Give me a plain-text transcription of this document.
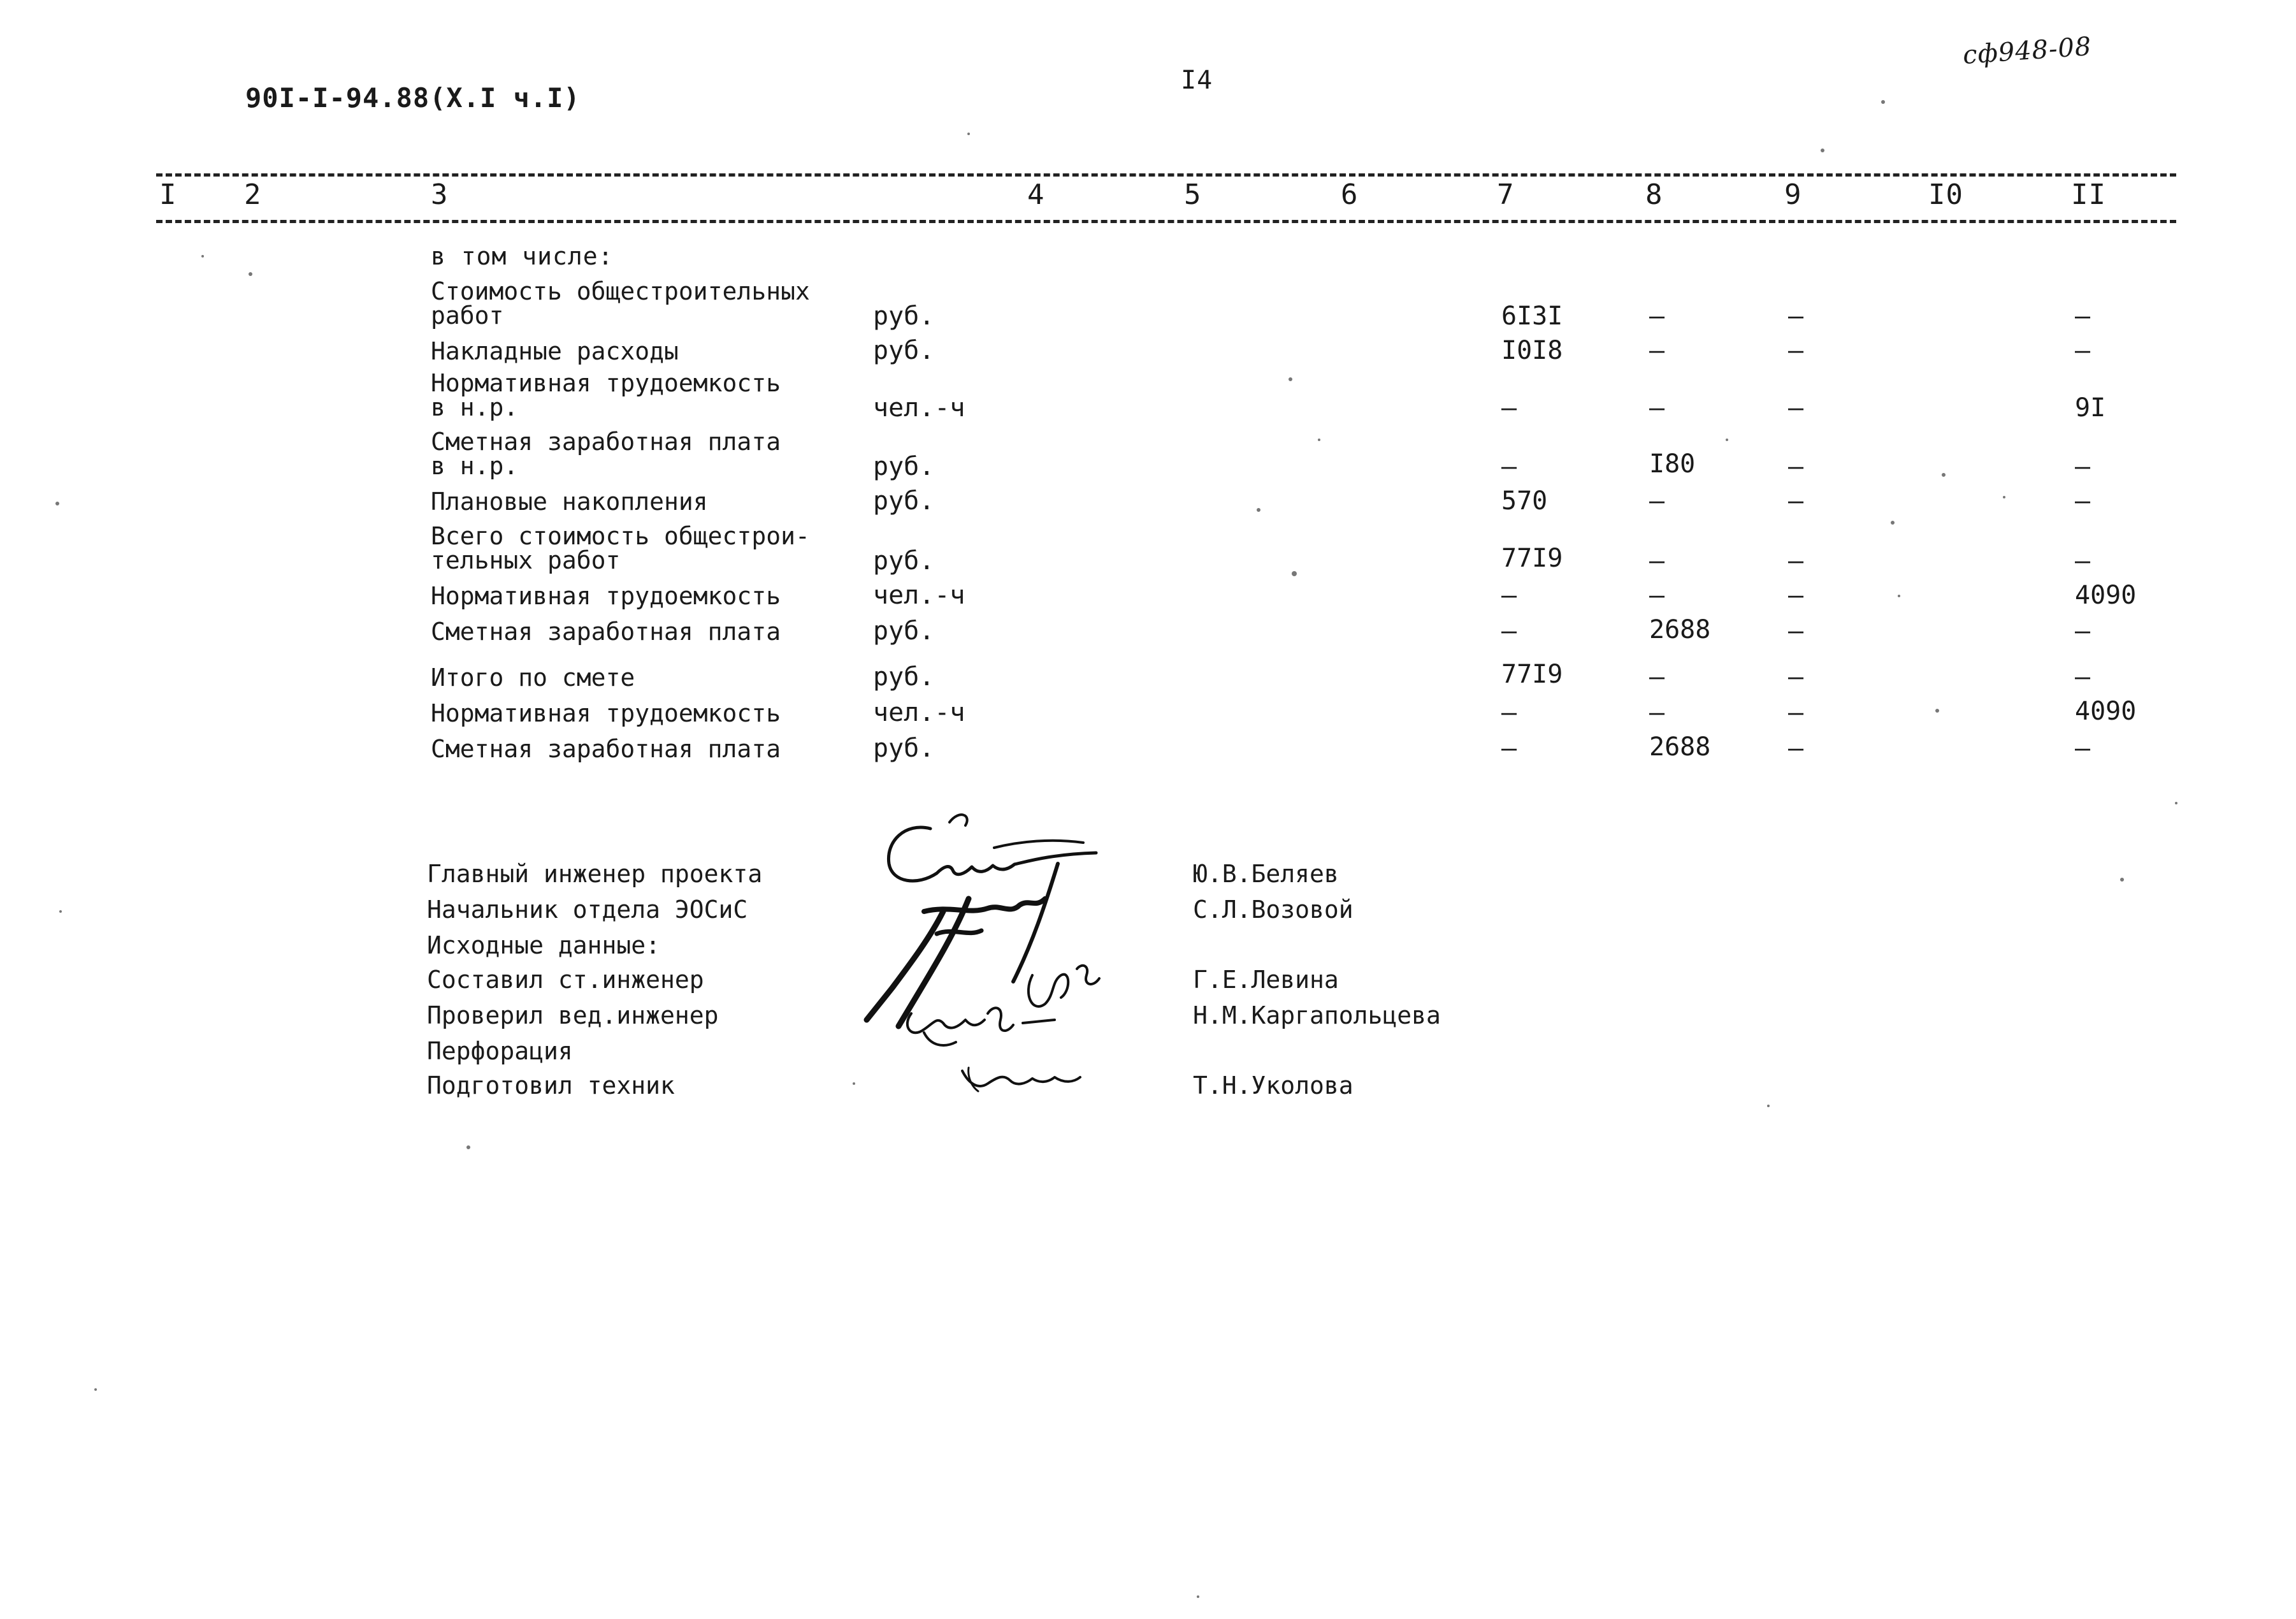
90I-I-94.88(X.I ч.I)
I4
сф948-08
I 2	3	4	5	6	7	8	9	I0	II
в том числе:
Стоимость общестроительных
работ	руб.	6I3I	–	–	–
Накладные расходы	руб.	I0I8	–	–	–
Нормативная трудоемкость
в н.р.	чел.-ч	–	–	–	9I
Сметная заработная плата
в н.р.	руб.	–	I80	–	–
Плановые накопления	руб.	570	–	–	–
Всего стоимость общестрои-
тельных работ	руб.	77I9	–	–	–
Нормативная трудоемкость	чел.-ч	–	–	–	4090
Сметная заработная плата	руб.	–	2688	–	–
Итого по смете	руб.	77I9	–	–	–
Нормативная трудоемкость	чел.-ч	–	–	–	4090
Сметная заработная плата	руб.	–	2688	–	–
Главный инженер проекта	Ю.В.Беляев
Начальник отдела ЭОСиС	С.Л.Возовой
Исходные данные:
Составил ст.инженер	Г.Е.Левина
Проверил вед.инженер	Н.М.Каргапольцева
Перфорация
Подготовил техник	Т.Н.Уколова
